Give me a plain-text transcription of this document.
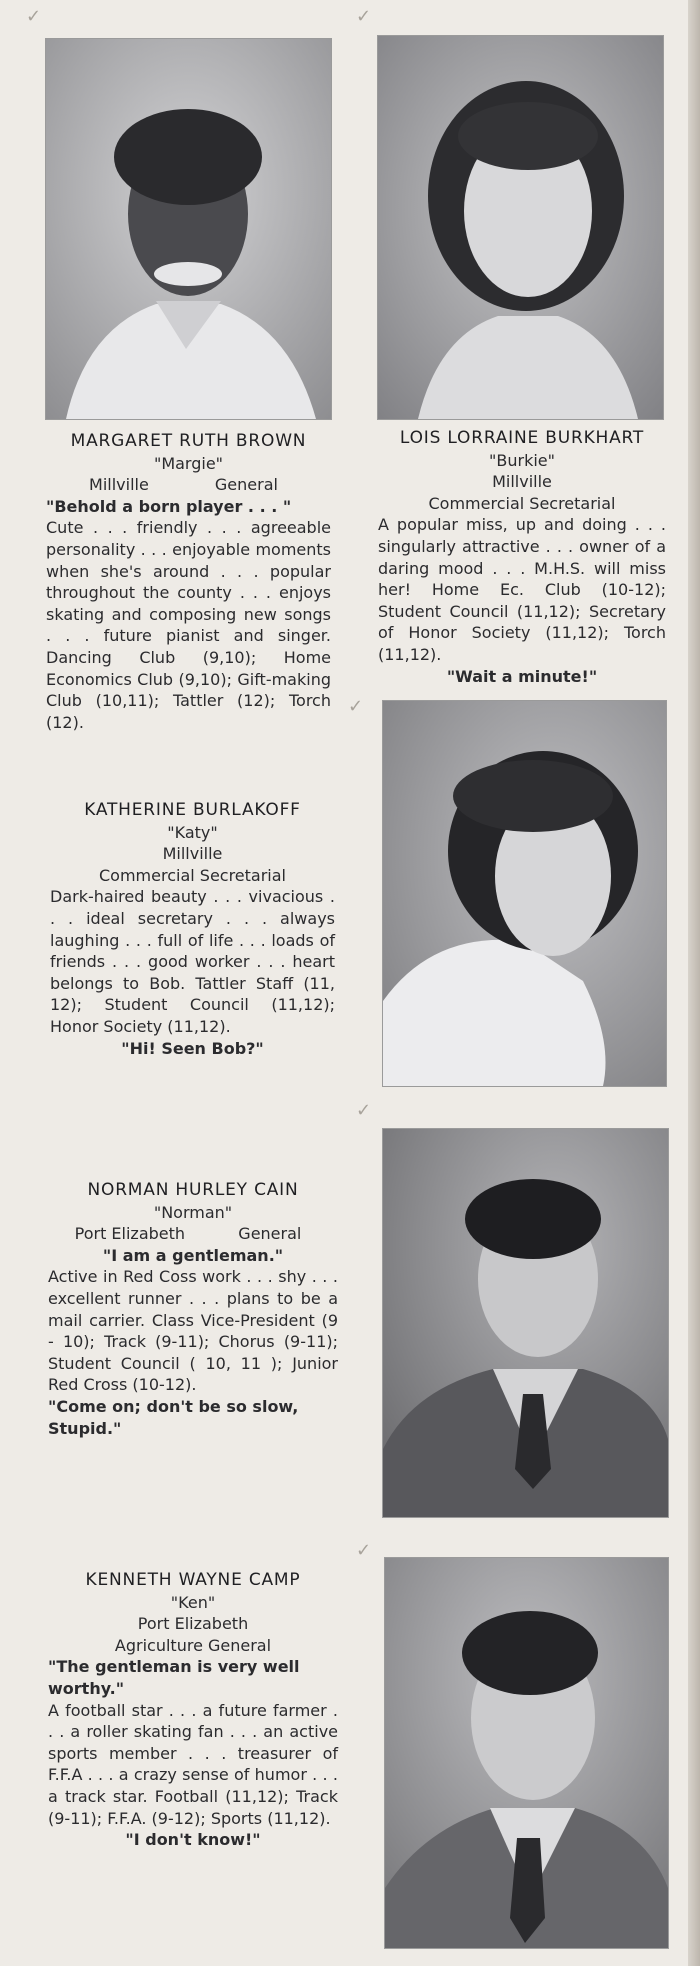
✓	✓
✓
✓
✓
MARGARET RUTH BROWN
"Margie"
Millville	General
"Behold a born player . . . "
Cute . . . friendly . . . agreeable personality . . . enjoyable moments when she's around . . . popular throughout the county . . . enjoys skating and composing new songs . . . future pianist and singer. Dancing Club (9,10); Home Economics Club (9,10); Gift-making Club (10,11); Tattler (12); Torch (12).
LOIS LORRAINE BURKHART
"Burkie"
Millville
Commercial Secretarial
A popular miss, up and doing . . . singularly attractive . . . owner of a daring mood . . . M.H.S. will miss her! Home Ec. Club (10-12); Student Council (11,12); Secretary of Honor Society (11,12); Torch (11,12).
"Wait a minute!"
KATHERINE BURLAKOFF
"Katy"
Millville
Commercial Secretarial
Dark-haired beauty . . . vivacious . . . ideal secretary . . . always laughing . . . full of life . . . loads of friends . . . good worker . . . heart belongs to Bob. Tattler Staff (11, 12); Student Council (11,12); Honor Society (11,12).
"Hi! Seen Bob?"
NORMAN HURLEY CAIN
"Norman"
Port Elizabeth	General
"I am a gentleman."
Active in Red Coss work . . . shy . . . excellent runner . . . plans to be a mail carrier. Class Vice-President (9 - 10); Track (9-11); Chorus (9-11); Student Council ( 10, 11 ); Junior Red Cross (10-12).
"Come on; don't be so slow, Stupid."
KENNETH WAYNE CAMP
"Ken"
Port Elizabeth
Agriculture General
"The gentleman is very well worthy."
A football star . . . a future farmer . . . a roller skating fan . . . an active sports member . . . treasurer of F.F.A . . . a crazy sense of humor . . . a track star. Football (11,12); Track (9-11); F.F.A. (9-12); Sports (11,12).
"I don't know!"
